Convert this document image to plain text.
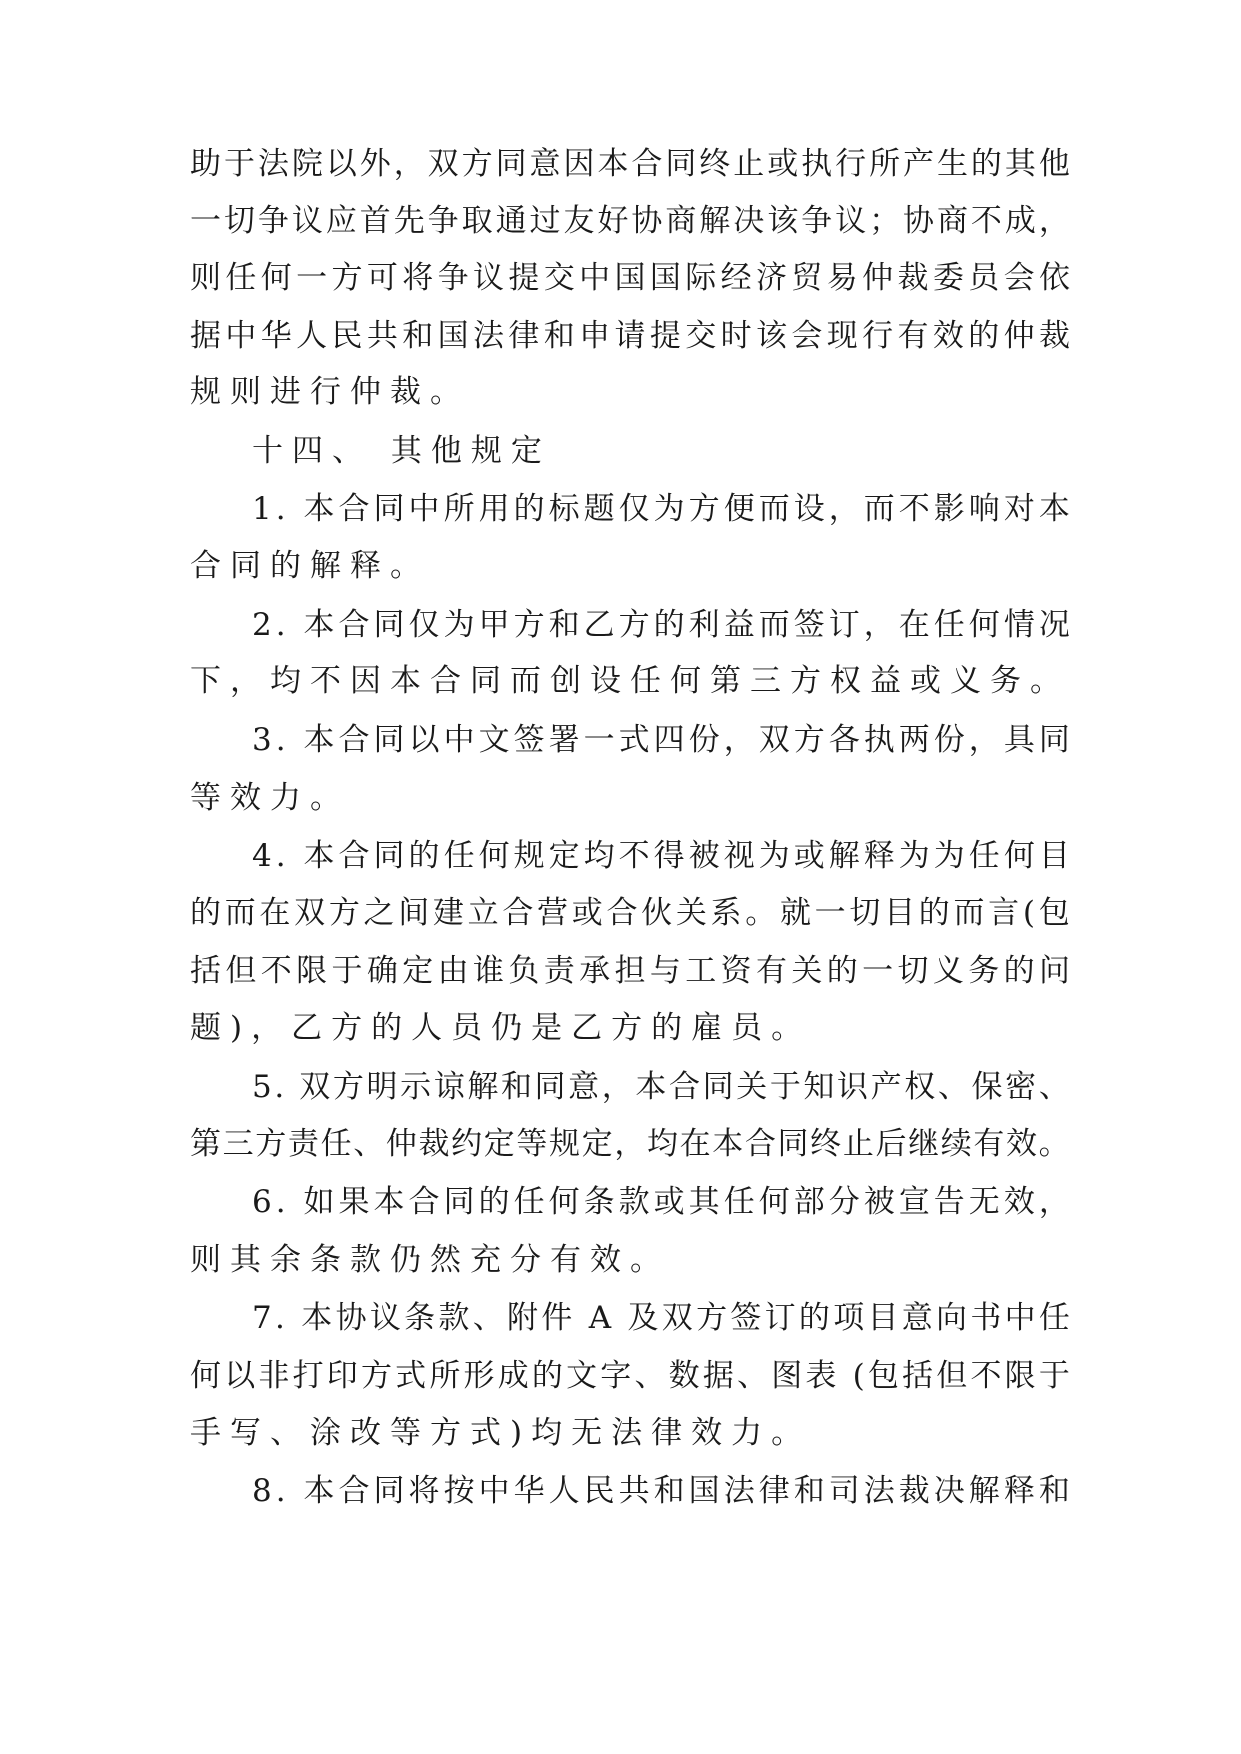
助 于 法 院 以 外 ， 双 方 同 意 因 本 合 同 终 止 或 执 行 所 产 生 的 其 他
一 切 争 议 应 首 先 争 取 通 过 友 好 协 商 解 决 该 争 议 ； 协 商 不 成 ，
则 任 何 一 方 可 将 争 议 提 交 中 国 国 际 经 济 贸 易 仲 裁 委 员 会 依
据 中 华 人 民 共 和 国 法 律 和 申 请 提 交 时 该 会 现 行 有 效 的 仲 裁
规则进行仲裁。
十四、 其他规定
1 .
本 合 同 中 所 用 的 标 题 仅 为 方 便 而 设 ， 而 不 影 响 对 本
合同的解释。
2 .
本 合 同 仅 为 甲 方 和 乙 方 的 利 益 而 签 订 ， 在 任 何 情 况
下，均不因本合同而创设任何第三方权益或义务。
3 .
本 合 同 以 中 文 签 署 一 式 四 份 ， 双 方 各 执 两 份 ， 具 同
等效力。
4 .
本 合 同 的 任 何 规 定 均 不 得 被 视 为 或 解 释 为 为 任 何 目
的 而 在 双 方 之 间 建 立 合 营 或 合 伙 关 系 。 就 一 切 目 的 而 言 ( 包
括 但 不 限 于 确 定 由 谁 负 责 承 担 与 工 资 有 关 的 一 切 义 务 的 问
题)，乙方的人员仍是乙方的雇员。
5 .
双 方 明 示 谅 解 和 同 意 ， 本 合 同 关 于 知 识 产 权 、 保 密 、
第 三 方 责 任 、 仲 裁 约 定 等 规 定 ， 均 在 本 合 同 终 止 后 继 续 有 效 。
6 .
如 果 本 合 同 的 任 何 条 款 或 其 任 何 部 分 被 宣 告 无 效 ，
则其余条款仍然充分有效。
7 .
本 协 议 条 款 、 附 件
A
及 双 方 签 订 的 项 目 意 向 书 中 任
何 以 非 打 印 方 式 所 形 成 的 文 字 、 数 据 、 图 表
( 包 括 但 不 限 于
手写、涂改等方式)均无法律效力。
8 .
本 合 同 将 按 中 华 人 民 共 和 国 法 律 和 司 法 裁 决 解 释 和
